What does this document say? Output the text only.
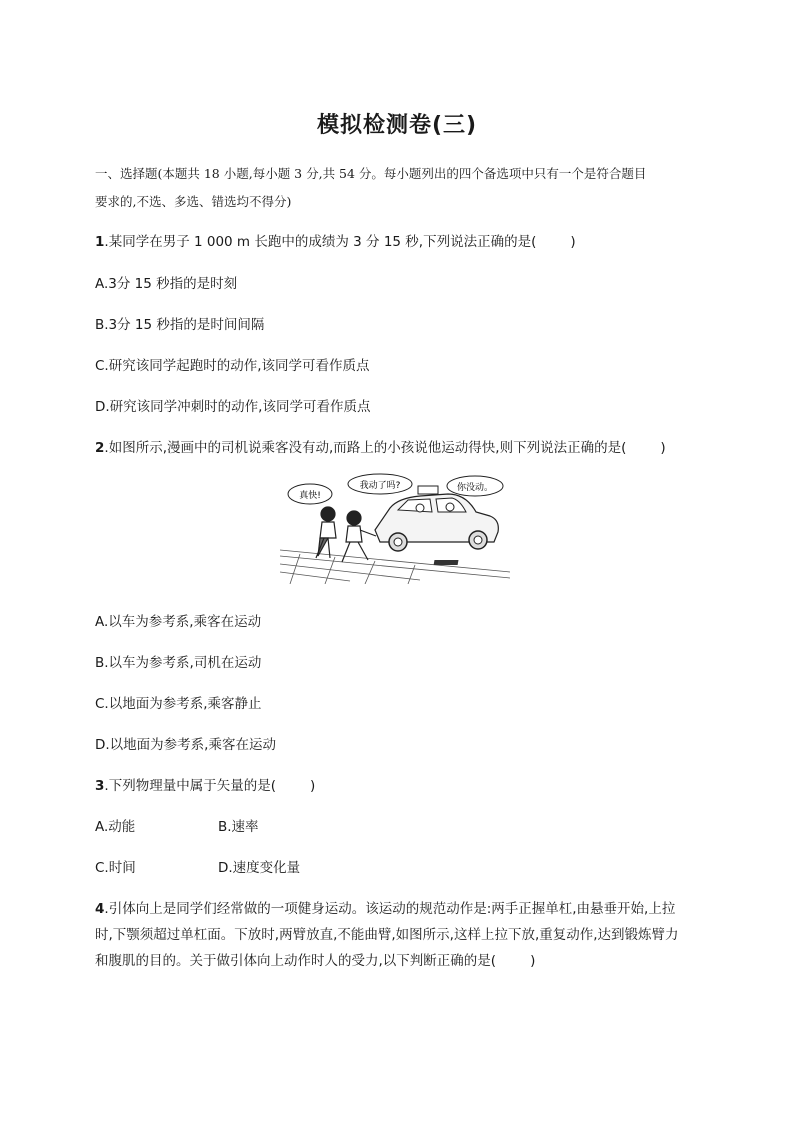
模拟检测卷(三)
一、选择题(本题共 18 小题,每小题 3 分,共 54 分。每小题列出的四个备选项中只有一个是符合题目
要求的,不选、多选、错选均不得分)
1.某同学在男子 1 000 m 长跑中的成绩为 3 分 15 秒,下列说法正确的是(	)
A.3分 15 秒指的是时刻
B.3分 15 秒指的是时间间隔
C.研究该同学起跑时的动作,该同学可看作质点
D.研究该同学冲刺时的动作,该同学可看作质点
2.如图所示,漫画中的司机说乘客没有动,而路上的小孩说他运动得快,则下列说法正确的是(	)
真快!
我动了吗?	你没动。
A.以车为参考系,乘客在运动
B.以车为参考系,司机在运动
C.以地面为参考系,乘客静止
D.以地面为参考系,乘客在运动
3.下列物理量中属于矢量的是(	)
A.动能	B.速率
C.时间	D.速度变化量
4.引体向上是同学们经常做的一项健身运动。该运动的规范动作是:两手正握单杠,由悬垂开始,上拉
时,下颚须超过单杠面。下放时,两臂放直,不能曲臂,如图所示,这样上拉下放,重复动作,达到锻炼臂力
和腹肌的目的。关于做引体向上动作时人的受力,以下判断正确的是(	)
